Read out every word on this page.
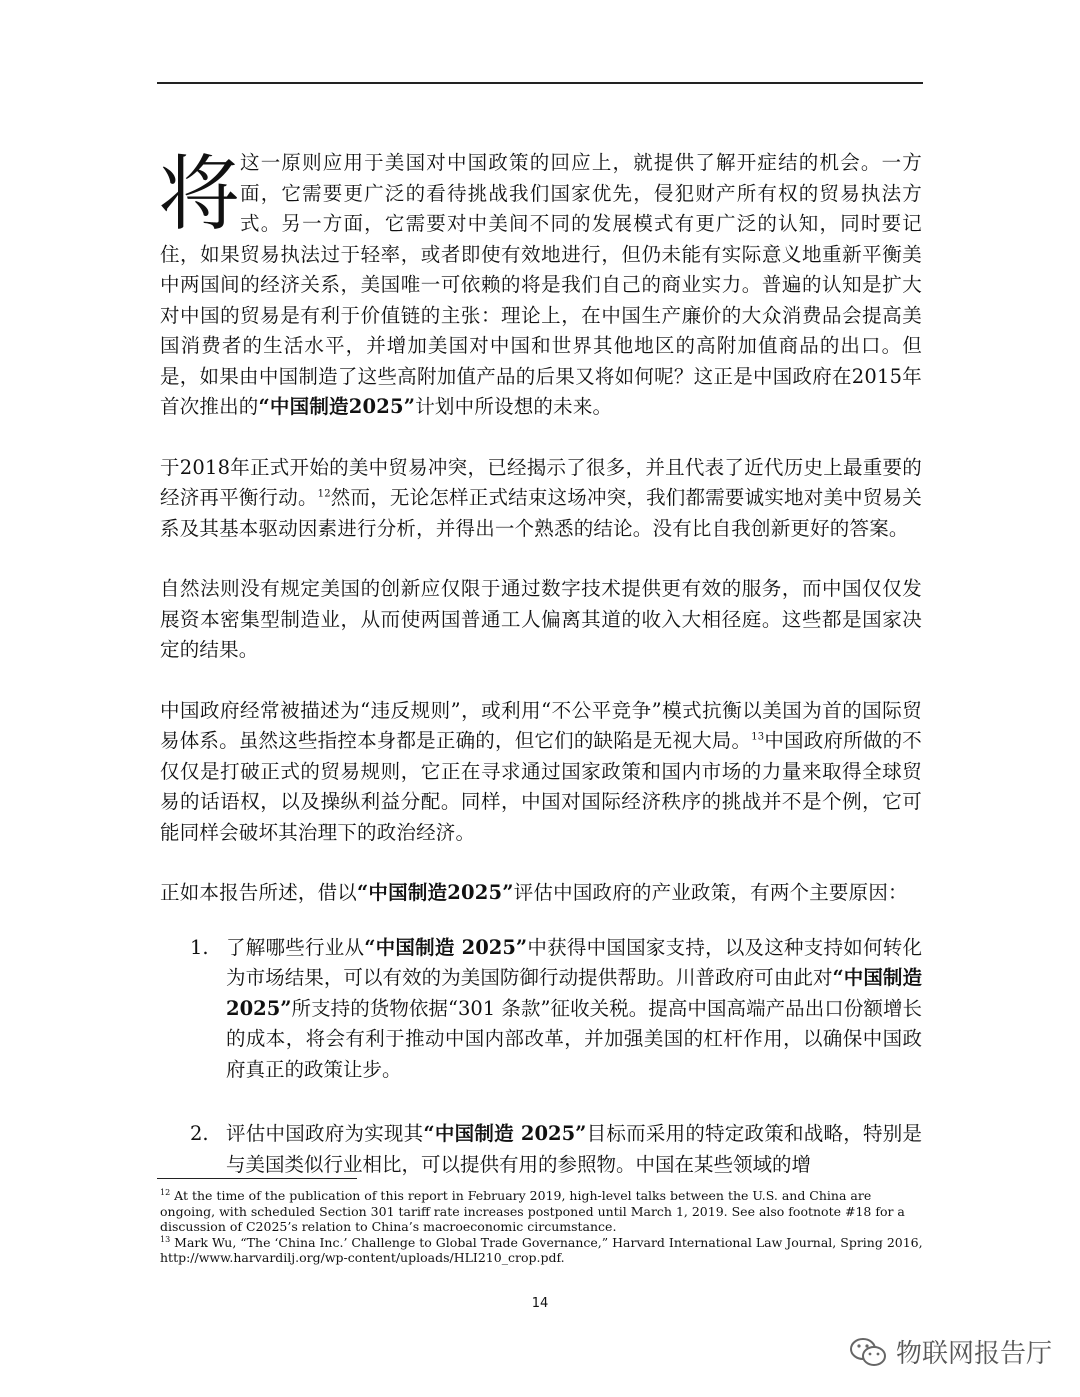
将这一原则应用于美国对中国政策的回应上，就提供了解开症结的机会。一方面，它需要更广泛的看待挑战我们国家优先，侵犯财产所有权的贸易执法方式。另一方面，它需要对中美间不同的发展模式有更广泛的认知，同时要记住，如果贸易执法过于轻率，或者即使有效地进行，但仍未能有实际意义地重新平衡美中两国间的经济关系，美国唯一可依赖的将是我们自己的商业实力。普遍的认知是扩大对中国的贸易是有利于价值链的主张：理论上，在中国生产廉价的大众消费品会提高美国消费者的生活水平，并增加美国对中国和世界其他地区的高附加值商品的出口。但是，如果由中国制造了这些高附加值产品的后果又将如何呢？这正是中国政府在2015年首次推出的“中国制造2025”计划中所设想的未来。

于2018年正式开始的美中贸易冲突，已经揭示了很多，并且代表了近代历史上最重要的经济再平衡行动。$^{12}$然而，无论怎样正式结束这场冲突，我们都需要诚实地对美中贸易关系及其基本驱动因素进行分析，并得出一个熟悉的结论。没有比自我创新更好的答案。

自然法则没有规定美国的创新应仅限于通过数字技术提供更有效的服务，而中国仅仅发展资本密集型制造业，从而使两国普通工人偏离其道的收入大相径庭。这些都是国家决定的结果。

中国政府经常被描述为“违反规则”，或利用“不公平竞争”模式抗衡以美国为首的国际贸易体系。虽然这些指控本身都是正确的，但它们的缺陷是无视大局。$^{13}$中国政府所做的不仅仅是打破正式的贸易规则，它正在寻求通过国家政策和国内市场的力量来取得全球贸易的话语权，以及操纵利益分配。同样，中国对国际经济秩序的挑战并不是个例，它可能同样会破坏其治理下的政治经济。

正如本报告所述，借以“中国制造2025”评估中国政府的产业政策，有两个主要原因：

1. 了解哪些行业从“中国制造 2025”中获得中国国家支持，以及这种支持如何转化为市场结果，可以有效的为美国防御行动提供帮助。川普政府可由此对“中国制造 2025”所支持的货物依据“301 条款”征收关税。提高中国高端产品出口份额增长的成本，将会有利于推动中国内部改革，并加强美国的杠杆作用，以确保中国政府真正的政策让步。
2. 评估中国政府为实现其“中国制造 2025”目标而采用的特定政策和战略，特别是与美国类似行业相比，可以提供有用的参照物。中国在某些领域的增
$^{12}$ At the time of the publication of this report in February 2019, high-level talks between the U.S. and China are ongoing, with scheduled Section 301 tariff rate increases postponed until March 1, 2019. See also footnote #18 for a discussion of C2025’s relation to China’s macroeconomic circumstance.
$^{13}$ Mark Wu, “The ‘China Inc.’ Challenge to Global Trade Governance,” Harvard International Law Journal, Spring 2016, http://www.harvardilj.org/wp-content/uploads/HLI210_crop.pdf.
14
物联网报告厅
